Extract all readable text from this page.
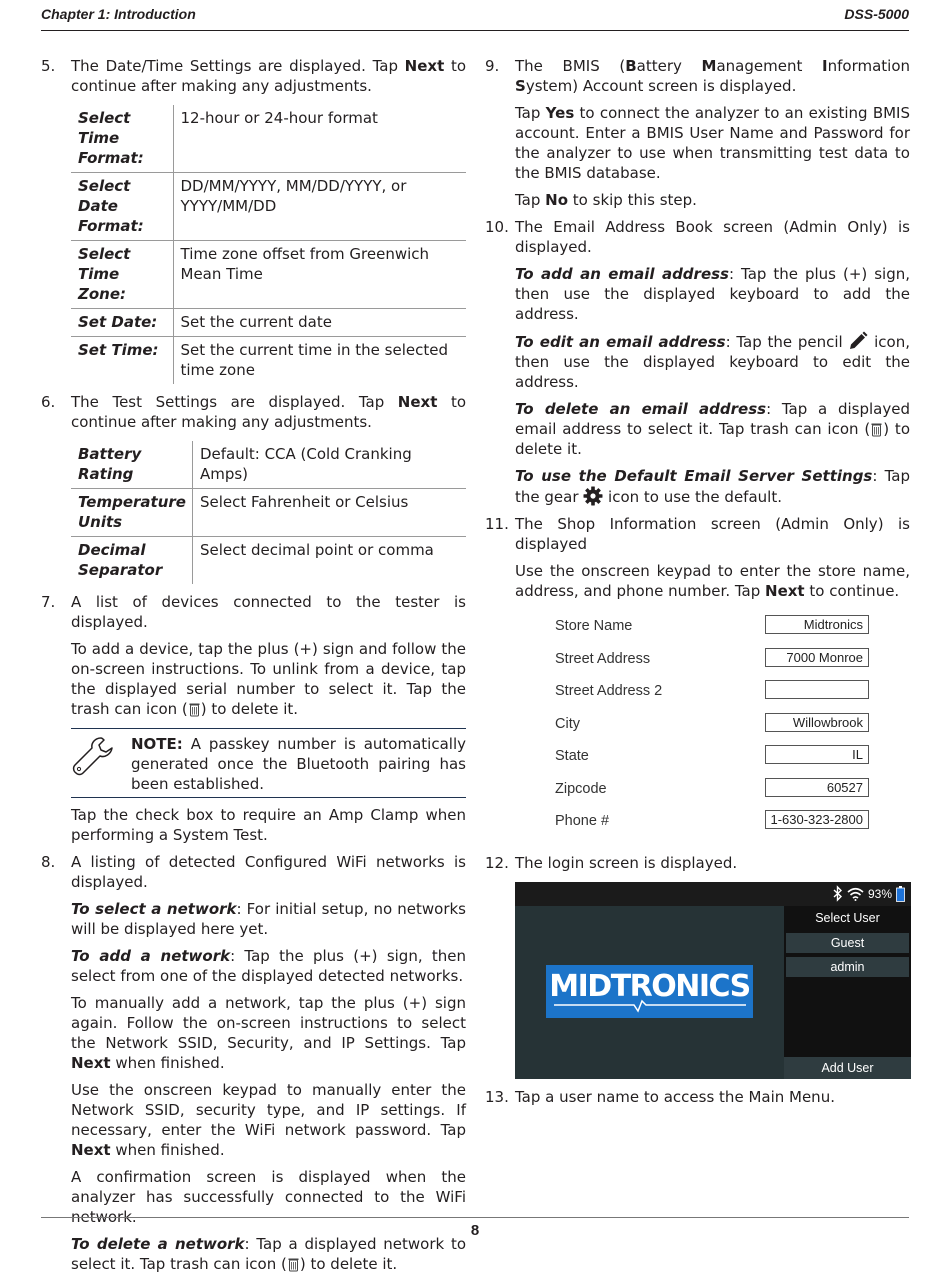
Chapter 1: Introduction	DSS-5000
5. The Date/Time Settings are displayed. Tap Next to continue after making any adjustments.

Select Time Format:	12-hour or 24-hour format
Select Date Format:	DD/MM/YYYY, MM/DD/YYYY, or YYYY/MM/DD
Select Time Zone:	Time zone offset from Greenwich Mean Time
Set Date:	Set the current date
Set Time:	Set the current time in the selected time zone
6. The Test Settings are displayed. Tap Next to continue after making any adjustments.

Battery Rating	Default: CCA (Cold Cranking Amps)
Temperature Units	Select Fahrenheit or Celsius
Decimal Separator	Select decimal point or comma
7. A list of devices connected to the tester is displayed.

To add a device, tap the plus (+) sign and follow the on-screen instructions. To unlink from a device, tap the displayed serial number to select it. Tap the trash can icon ( ) to delete it.

NOTE: A passkey number is automatically generated once the Bluetooth pairing has been established.

Tap the check box to require an Amp Clamp when performing a System Test.

8. A listing of detected Configured WiFi networks is displayed.

To select a network: For initial setup, no networks will be displayed here yet.

To add a network: Tap the plus (+) sign, then select from one of the displayed detected networks.

To manually add a network, tap the plus (+) sign again. Follow the on-screen instructions to select the Network SSID, Security, and IP Settings. Tap Next when finished.

Use the onscreen keypad to manually enter the Network SSID, security type, and IP settings. If necessary, enter the WiFi network password. Tap Next when finished.

A confirmation screen is displayed when the analyzer has successfully connected to the WiFi network.

To delete a network: Tap a displayed network to select it. Tap trash can icon ( ) to delete it.

9. The BMIS (Battery Management Information System) Account screen is displayed.

Tap Yes to connect the analyzer to an existing BMIS account. Enter a BMIS User Name and Password for the analyzer to use when transmitting test data to the BMIS database.

Tap No to skip this step.

10. The Email Address Book screen (Admin Only) is displayed.

To add an email address: Tap the plus (+) sign, then use the displayed keyboard to add the address.

To edit an email address: Tap the pencil  icon, then use the displayed keyboard to edit the address.

To delete an email address: Tap a displayed email address to select it. Tap trash can icon ( ) to delete it.

To use the Default Email Server Settings: Tap the gear  icon to use the default.

11. The Shop Information screen (Admin Only) is displayed

Use the onscreen keypad to enter the store name, address, and phone number. Tap Next to continue.

Store Name	Midtronics
Street Address	7000 Monroe
Street Address 2
City	Willowbrook
State	IL
Zipcode	60527
Phone #	1-630-323-2800
12. The login screen is displayed.

93%
MIDTRONICS
Select User
Guest
admin
Add User
13. Tap a user name to access the Main Menu.

8
